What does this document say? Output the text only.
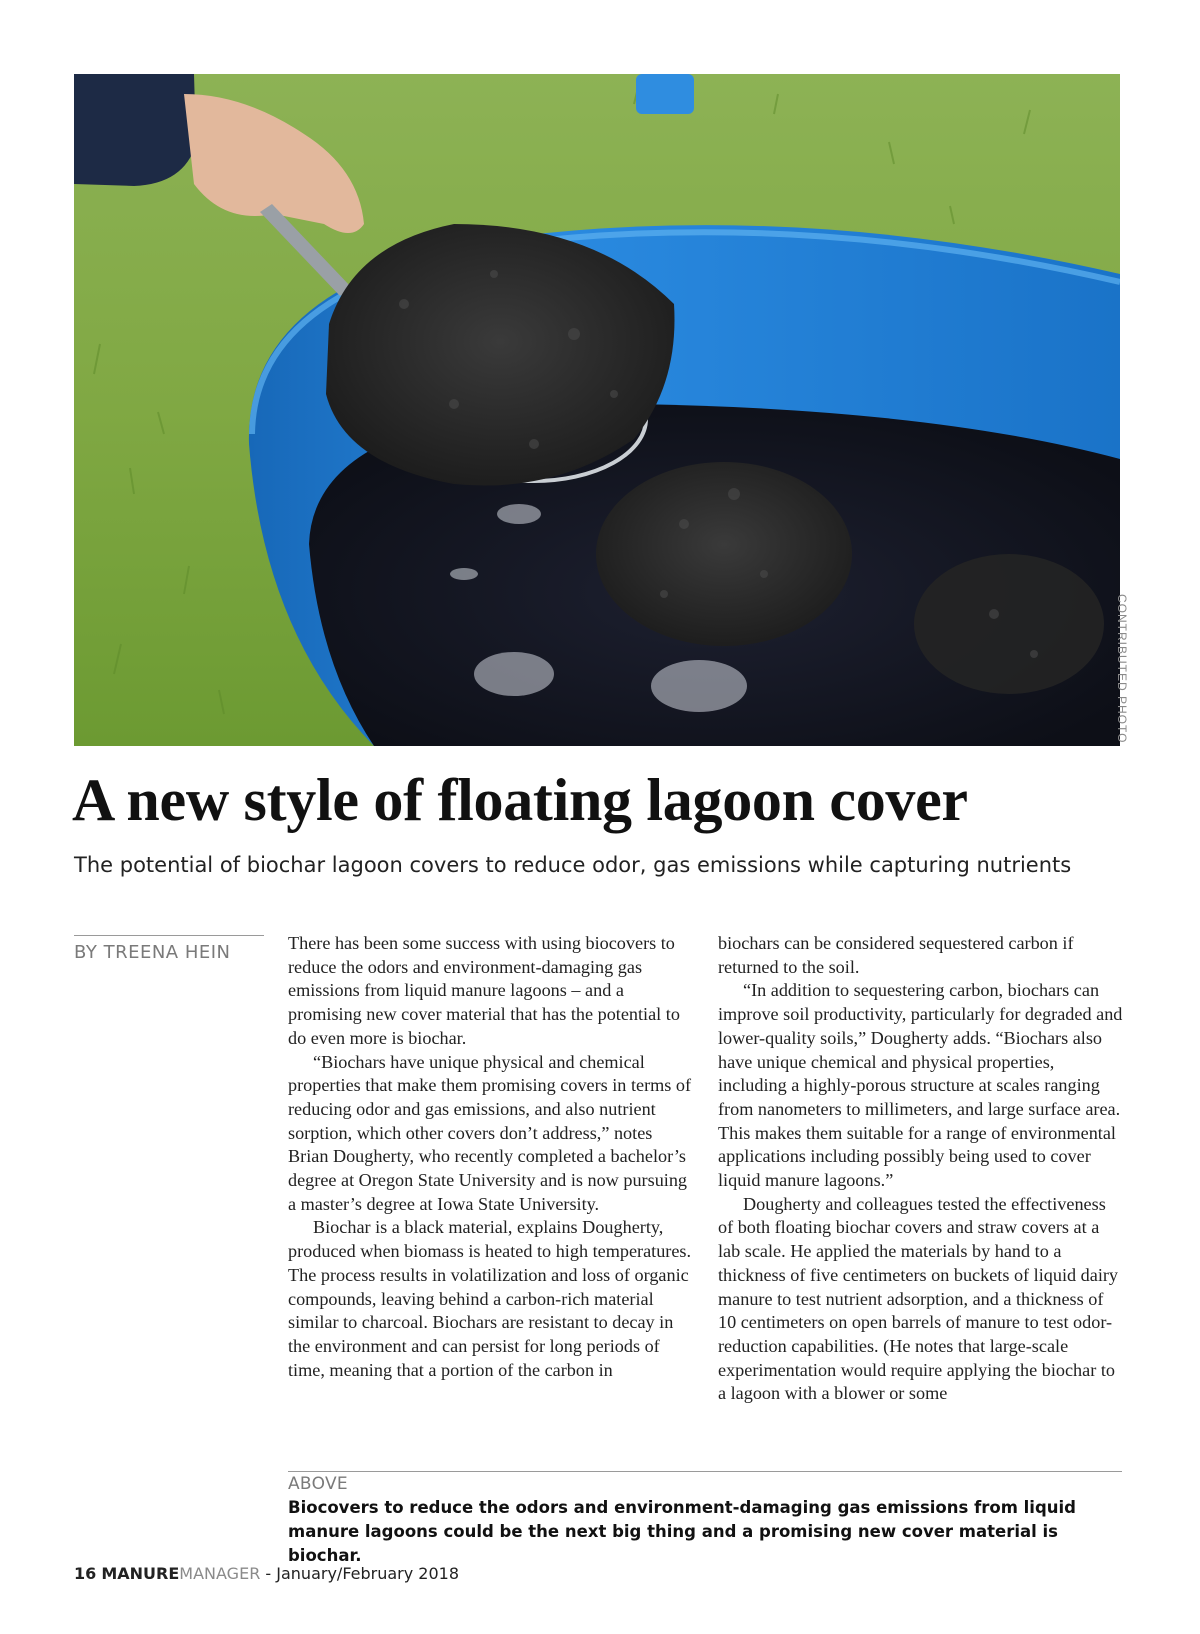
CONTRIBUTED PHOTO
A new style of floating lagoon cover

The potential of biochar lagoon covers to reduce odor, gas emissions while capturing nutrients

BY TREENA HEIN	There has been some success with using biocovers to reduce the odors and environment-damaging gas emissions from liquid manure lagoons – and a promising new cover material that has the potential to do even more is biochar.

“Biochars have unique physical and chemical properties that make them promising covers in terms of reducing odor and gas emissions, and also nutrient sorption, which other covers don’t address,” notes Brian Dougherty, who recently completed a bachelor’s degree at Oregon State University and is now pursuing a master’s degree at Iowa State University.

Biochar is a black material, explains Dougherty, produced when biomass is heated to high temperatures. The process results in volatilization and loss of organic compounds, leaving behind a carbon-rich material similar to charcoal. Biochars are resistant to decay in the environment and can persist for long periods of time, meaning that a portion of the carbon in

biochars can be considered sequestered carbon if returned to the soil.

“In addition to sequestering carbon, biochars can improve soil productivity, particularly for degraded and lower-quality soils,” Dougherty adds. “Biochars also have unique chemical and physical properties, including a highly-porous structure at scales ranging from nanometers to millimeters, and large surface area. This makes them suitable for a range of environmental applications including possibly being used to cover liquid manure lagoons.”

Dougherty and colleagues tested the effectiveness of both floating biochar covers and straw covers at a lab scale. He applied the materials by hand to a thickness of five centimeters on buckets of liquid dairy manure to test nutrient adsorption, and a thickness of 10 centimeters on open barrels of manure to test odor-reduction capabilities. (He notes that large-scale experimentation would require applying the biochar to a lagoon with a blower or some

ABOVE

Biocovers to reduce the odors and environment-damaging gas emissions from liquid manure lagoons could be the next big thing and a promising new cover material is biochar.

16 MANUREMANAGER - January/February 2018
